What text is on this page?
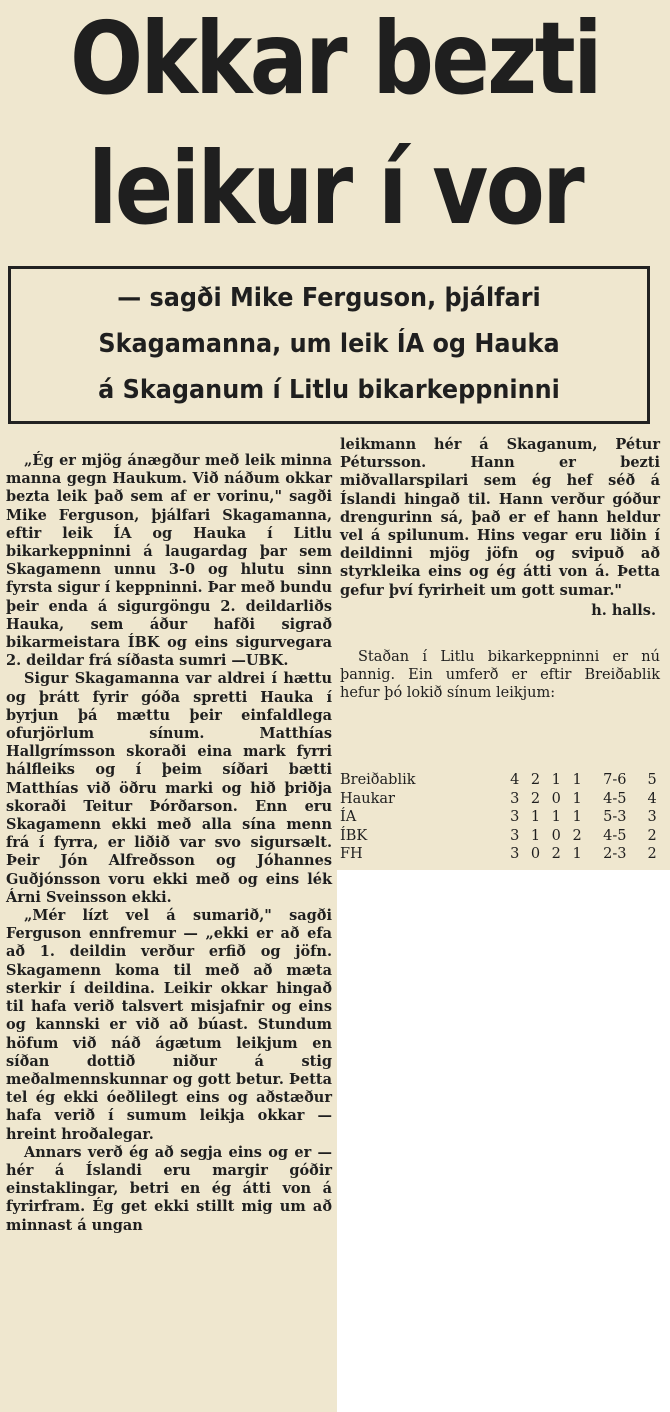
Okkar bezti
leikur í vor
— sagði Mike Ferguson, þjálfari
Skagamanna, um leik ÍA og Hauka
á Skaganum í Litlu bikarkeppninni

„Ég er mjög ánægður með leik minna manna gegn Haukum. Við náðum okkar bezta leik það sem af er vorinu," sagði Mike Ferguson, þjálfari Skagamanna, eftir leik ÍA og Hauka í Litlu bikarkeppninni á laugardag þar sem Skagamenn unnu 3-0 og hlutu sinn fyrsta sigur í keppninni. Þar með bundu þeir enda á sigurgöngu 2. deildarliðs Hauka, sem áður hafði sigrað bikarmeistara ÍBK og eins sigurvegara 2. deildar frá síðasta sumri —UBK.

Sigur Skagamanna var aldrei í hættu og þrátt fyrir góða spretti Hauka í byrjun þá mættu þeir einfaldlega ofurjörlum sínum. Matthías Hallgrímsson skoraði eina mark fyrri hálfleiks og í þeim síðari bætti Matthías við öðru marki og hið þriðja skoraði Teitur Þórðarson. Enn eru Skagamenn ekki með alla sína menn frá í fyrra, er liðið var svo sigursælt. Þeir Jón Alfreðsson og Jóhannes Guðjónsson voru ekki með og eins lék Árni Sveinsson ekki.

„Mér lízt vel á sumarið," sagði Ferguson ennfremur — „ekki er að efa að 1. deildin verður erfið og jöfn. Skagamenn koma til með að mæta sterkir í deildina. Leikir okkar hingað til hafa verið talsvert misjafnir og eins og kannski er við að búast. Stundum höfum við náð ágætum leikjum en síðan dottið niður á stig meðalmennskunnar og gott betur. Þetta tel ég ekki óeðlilegt eins og aðstæður hafa verið í sumum leikja okkar — hreint hroðalegar.

Annars verð ég að segja eins og er — hér á Íslandi eru margir góðir einstaklingar, betri en ég átti von á fyrirfram. Ég get ekki stillt mig um að minnast á ungan

leikmann hér á Skaganum, Pétur Pétursson. Hann er bezti miðvallarspilari sem ég hef séð á Íslandi hingað til. Hann verður góður drengurinn sá, það er ef hann heldur vel á spilunum. Hins vegar eru liðin í deildinni mjög jöfn og svipuð að styrkleika eins og ég átti von á. Þetta gefur því fyrirheit um gott sumar."

h. halls.

Staðan í Litlu bikarkeppninni er nú þannig. Ein umferð er eftir Breiðablik hefur þó lokið sínum leikjum:

Breiðablik	4	2	1	1	7-6	5
Haukar	3	2	0	1	4-5	4
ÍA	3	1	1	1	5-3	3
ÍBK	3	1	0	2	4-5	2
FH	3	0	2	1	2-3	2
